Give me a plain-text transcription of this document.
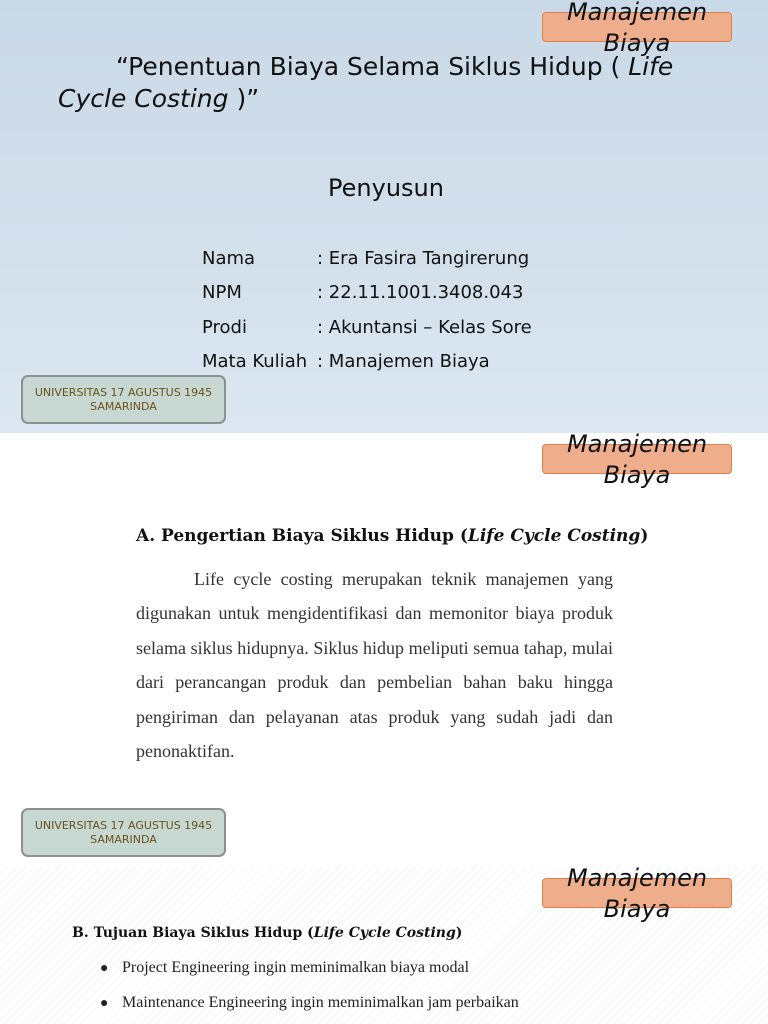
Manajemen Biaya
“Penentuan Biaya Selama Siklus Hidup ( Life Cycle Costing )”
Penyusun
Nama	: Era Fasira Tangirerung
NPM	: 22.11.1001.3408.043
Prodi	: Akuntansi – Kelas Sore
Mata Kuliah : Manajemen Biaya
UNIVERSITAS 17 AGUSTUS 1945
SAMARINDA
Manajemen Biaya
A. Pengertian Biaya Siklus Hidup (Life Cycle Costing)

Life cycle costing merupakan teknik manajemen yang digunakan untuk mengidentifikasi dan memonitor biaya produk selama siklus hidupnya. Siklus hidup meliputi semua tahap, mulai dari perancangan produk dan pembelian bahan baku hingga pengiriman dan pelayanan atas produk yang sudah jadi dan penonaktifan.

UNIVERSITAS 17 AGUSTUS 1945
SAMARINDA
Manajemen Biaya
B. Tujuan Biaya Siklus Hidup (Life Cycle Costing)
● Project Engineering ingin meminimalkan biaya modal
● Maintenance Engineering ingin meminimalkan jam perbaikan
